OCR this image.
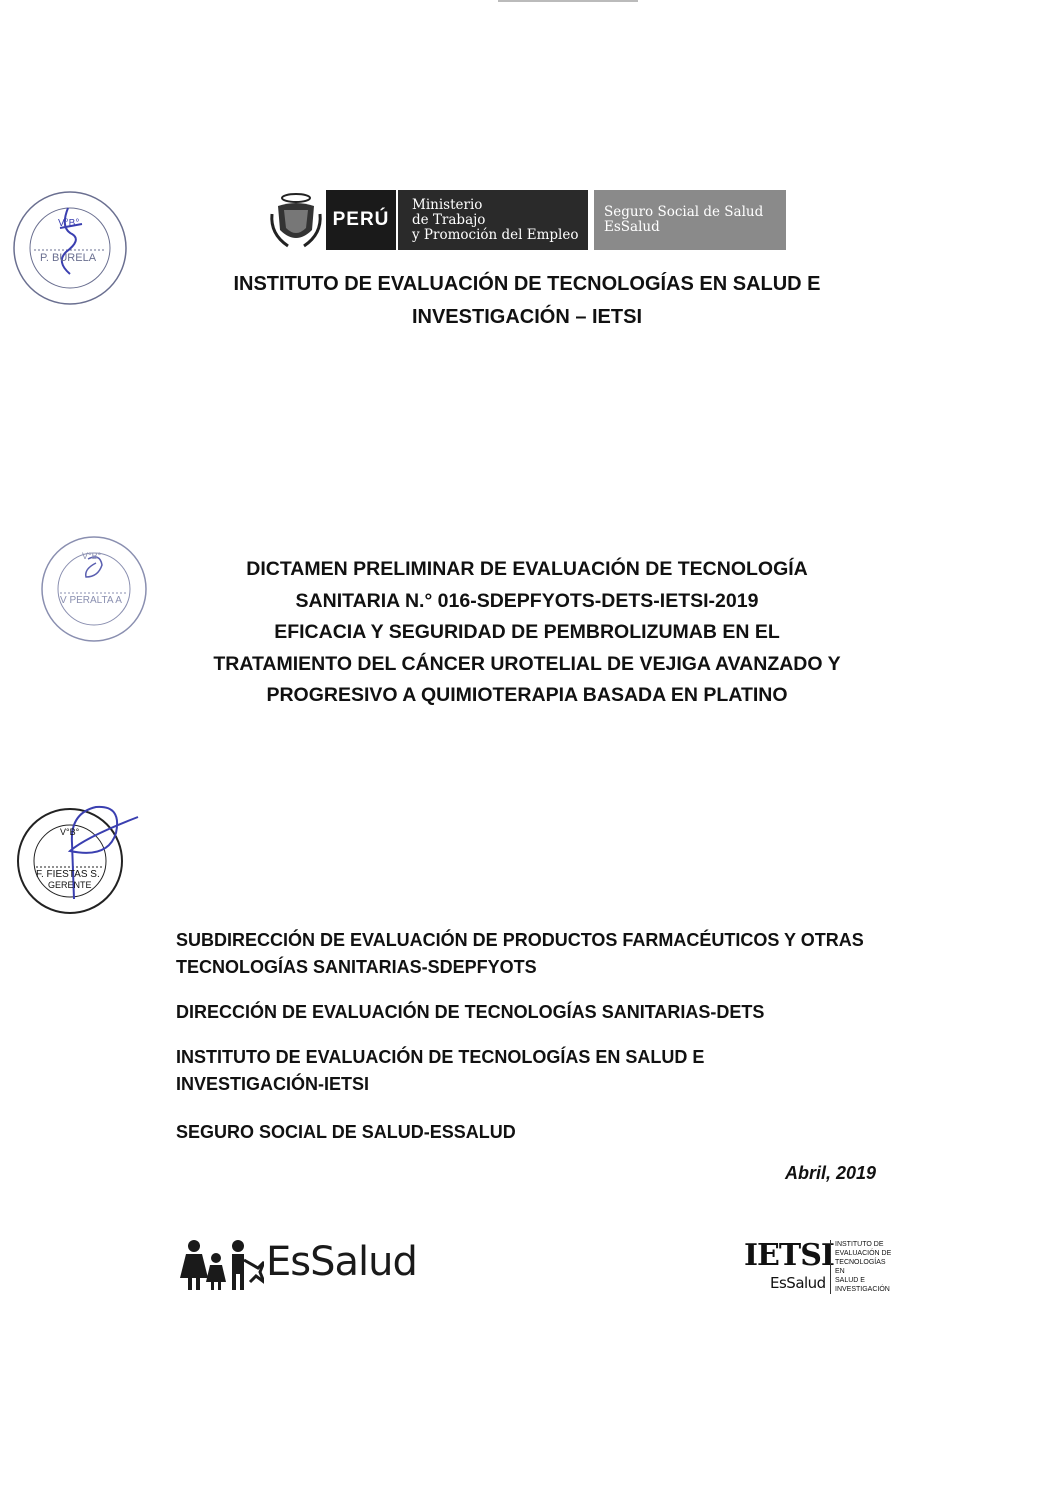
PERÚ
Ministerio
de Trabajo
y Promoción del Empleo
Seguro Social de Salud
EsSalud
INSTITUTO DE EVALUACIÓN DE TECNOLOGÍAS EN SALUD E
INVESTIGACIÓN – IETSI
DICTAMEN PRELIMINAR DE EVALUACIÓN DE TECNOLOGÍA
SANITARIA N.° 016-SDEPFYOTS-DETS-IETSI-2019
EFICACIA Y SEGURIDAD DE PEMBROLIZUMAB EN EL
TRATAMIENTO DEL CÁNCER UROTELIAL DE VEJIGA AVANZADO Y
PROGRESIVO A QUIMIOTERAPIA BASADA EN PLATINO
SUBDIRECCIÓN DE EVALUACIÓN DE PRODUCTOS FARMACÉUTICOS Y OTRAS TECNOLOGÍAS SANITARIAS-SDEPFYOTS
DIRECCIÓN DE EVALUACIÓN DE TECNOLOGÍAS SANITARIAS-DETS
INSTITUTO DE EVALUACIÓN DE TECNOLOGÍAS EN SALUD E INVESTIGACIÓN-IETSI
SEGURO SOCIAL DE SALUD-ESSALUD
Abril, 2019
V°B°
P. BURELA
V°B°
V PERALTA A
V°B°
F. FIESTAS S.
GERENTE
EsSalud	IETSI
EsSalud
INSTITUTO DE
EVALUACIÓN DE
TECNOLOGÍAS EN
SALUD E
INVESTIGACIÓN
